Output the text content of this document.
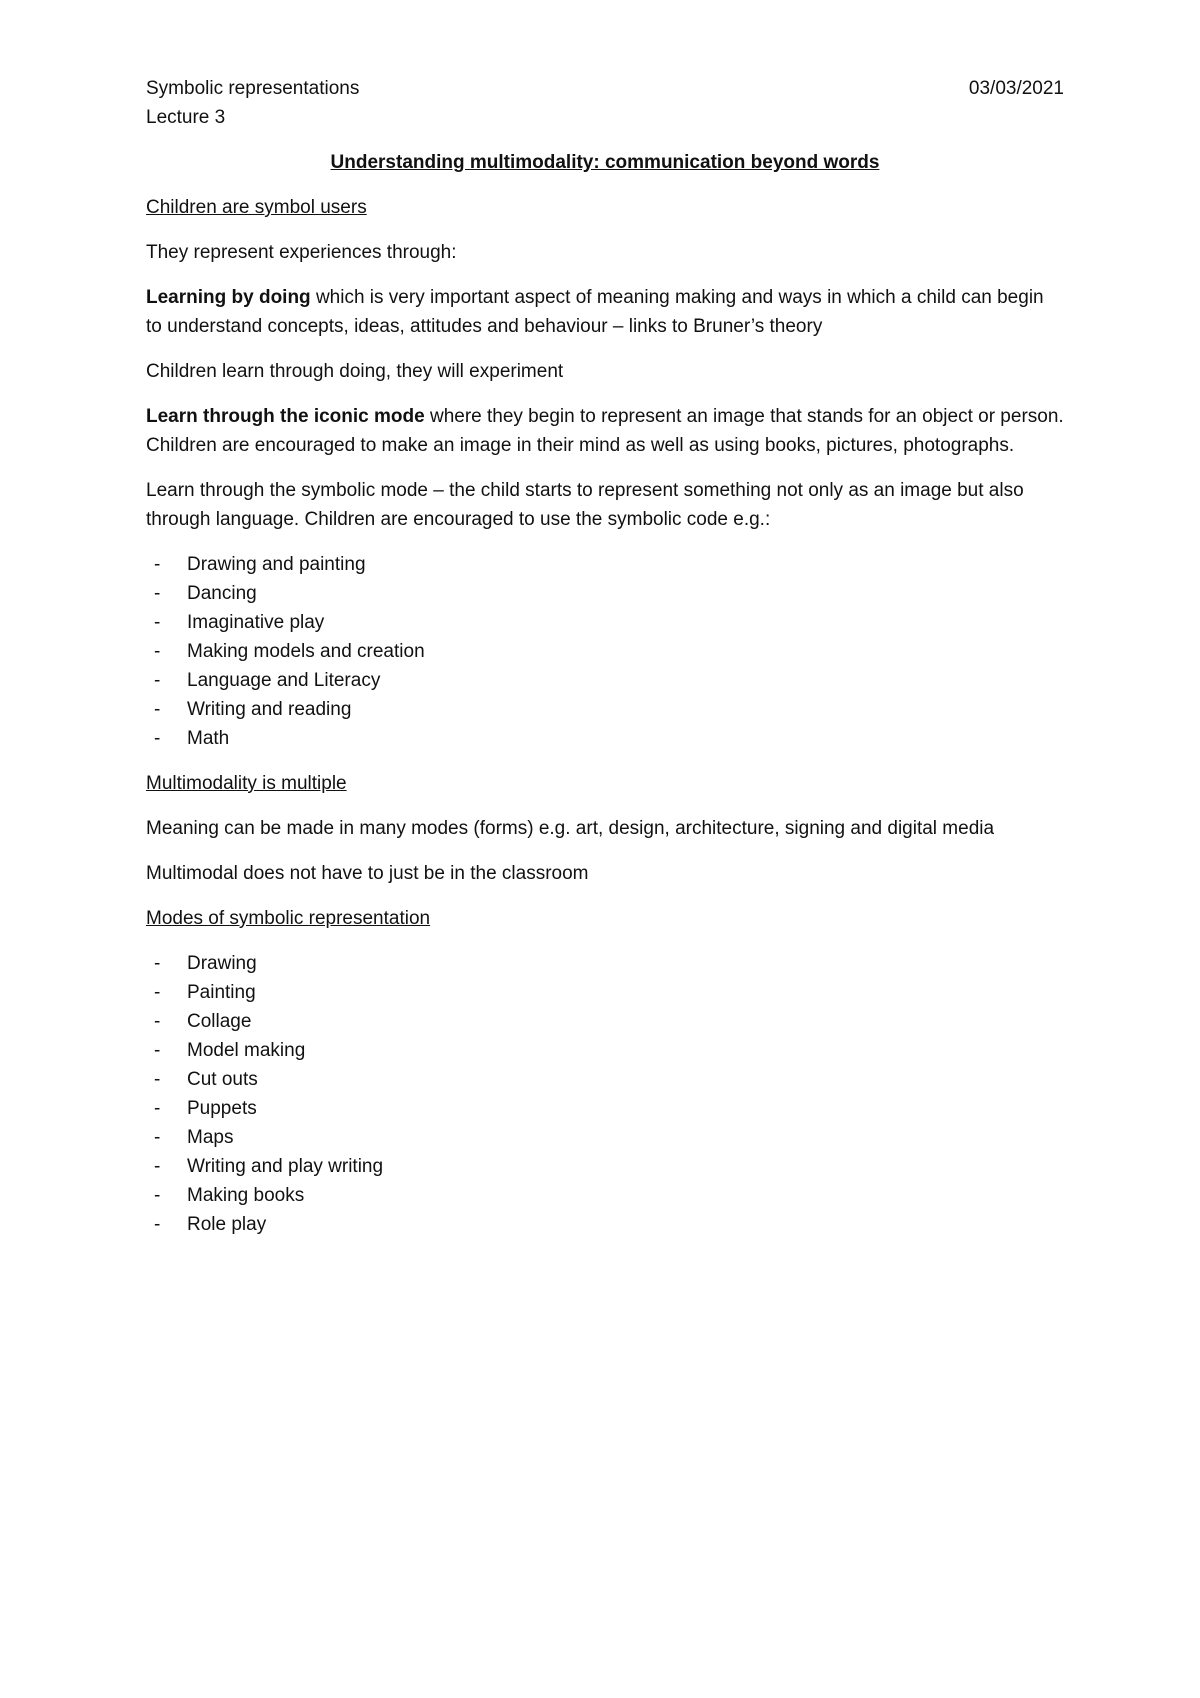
Symbolic representations	03/03/2021

Lecture 3

Understanding multimodality: communication beyond words

Children are symbol users

They represent experiences through:

Learning by doing which is very important aspect of meaning making and ways in which a child can begin to understand concepts, ideas, attitudes and behaviour – links to Bruner’s theory

Children learn through doing, they will experiment

Learn through the iconic mode where they begin to represent an image that stands for an object or person. Children are encouraged to make an image in their mind as well as using books, pictures, photographs.

Learn through the symbolic mode – the child starts to represent something not only as an image but also through language. Children are encouraged to use the symbolic code e.g.:

- Drawing and painting
- Dancing
- Imaginative play
- Making models and creation
- Language and Literacy
- Writing and reading
- Math

Multimodality is multiple

Meaning can be made in many modes (forms) e.g. art, design, architecture, signing and digital media

Multimodal does not have to just be in the classroom

Modes of symbolic representation

- Drawing
- Painting
- Collage
- Model making
- Cut outs
- Puppets
- Maps
- Writing and play writing
- Making books
- Role play
